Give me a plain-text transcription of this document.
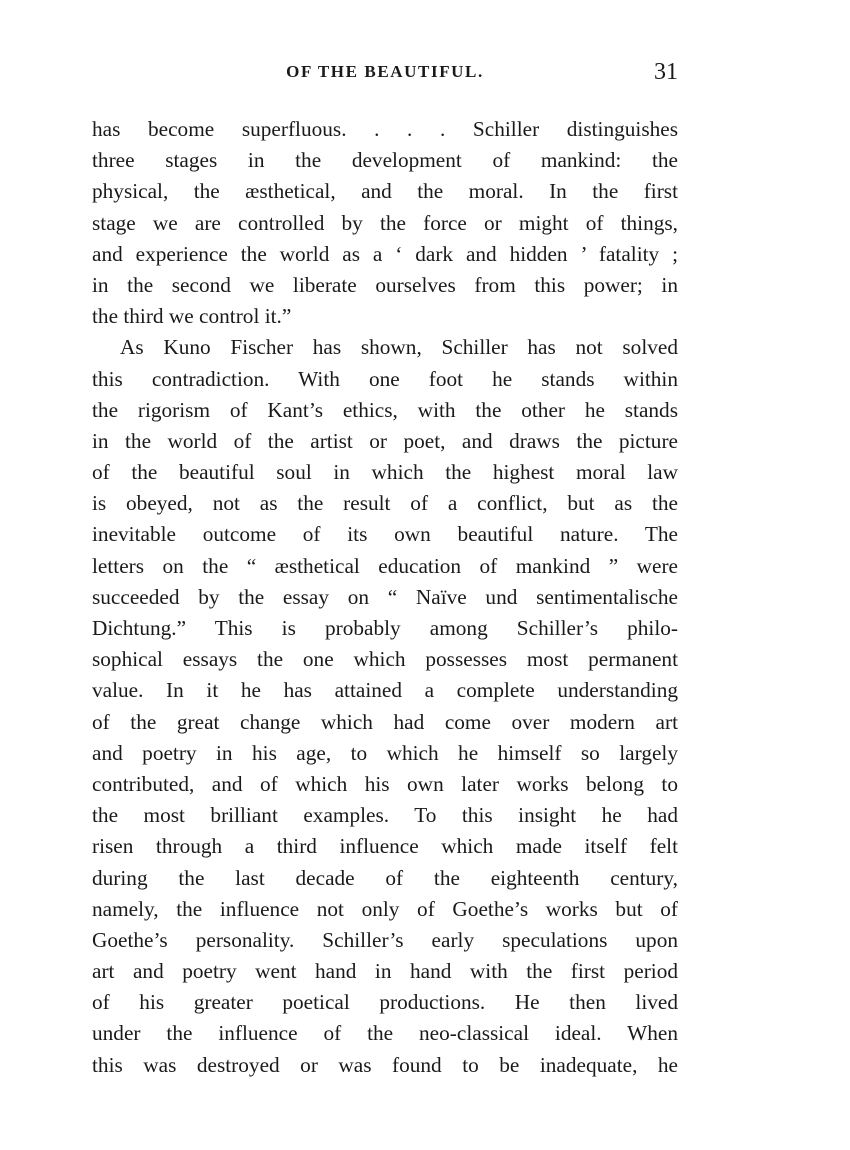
OF THE BEAUTIFUL.	31
has become superfluous. . . . Schiller distinguishes
three stages in the development of mankind: the
physical, the æsthetical, and the moral. In the first
stage we are controlled by the force or might of things,
and experience the world as a ‘ dark and hidden ’ fatality ;
in the second we liberate ourselves from this power; in
the third we control it.”
As Kuno Fischer has shown, Schiller has not solved
this contradiction. With one foot he stands within
the rigorism of Kant’s ethics, with the other he stands
in the world of the artist or poet, and draws the picture
of the beautiful soul in which the highest moral law
is obeyed, not as the result of a conflict, but as the
inevitable outcome of its own beautiful nature. The
letters on the “ æsthetical education of mankind ” were
succeeded by the essay on “ Naïve und sentimentalische
Dichtung.” This is probably among Schiller’s philo-
sophical essays the one which possesses most permanent
value. In it he has attained a complete understanding
of the great change which had come over modern art
and poetry in his age, to which he himself so largely
contributed, and of which his own later works belong to
the most brilliant examples. To this insight he had
risen through a third influence which made itself felt
during the last decade of the eighteenth century,
namely, the influence not only of Goethe’s works but of
Goethe’s personality. Schiller’s early speculations upon
art and poetry went hand in hand with the first period
of his greater poetical productions. He then lived
under the influence of the neo-classical ideal. When
this was destroyed or was found to be inadequate, he
